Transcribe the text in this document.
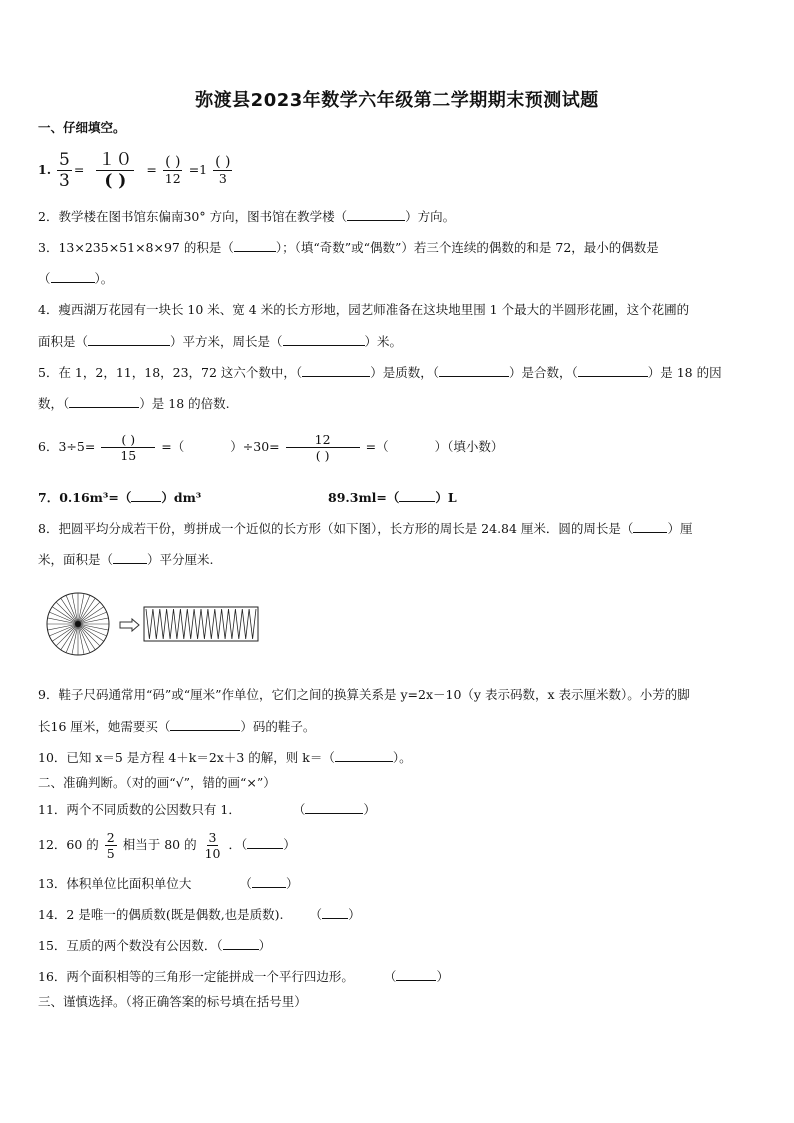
弥渡县2023年数学六年级第二学期期末预测试题
一、仔细填空。
1. $\frac{5}{3} = \frac{10}{( )} = \frac{( )}{12} =1 \frac{( )}{3}$
2．教学楼在图书馆东偏南30° 方向，图书馆在教学楼（	）方向。
3．13×235×51×8×97 的积是（	）；（填“奇数”或“偶数”）若三个连续的偶数的和是 72，最小的偶数是
（	）。
4．瘦西湖万花园有一块长 10 米、宽 4 米的长方形地，园艺师准备在这块地里围 1 个最大的半圆形花圃，这个花圃的
面积是（	）平方米，周长是（	）米。
5．在 1，2，11，18，23，72 这六个数中，（	）是质数，（	）是合数，（	）是 18 的因
数，（	）是 18 的倍数.
6．$3\div 5= \frac{( )}{15}$ =（	）$\div 30= \frac{12}{( )}$ =（	）（填小数）
7．0.16m³=（ ）dm³	89.3ml=（	）L
8．把圆平均分成若干份，剪拼成一个近似的长方形（如下图），长方形的周长是 24.84 厘米．圆的周长是（	）厘
米，面积是（	）平分厘米.
9．鞋子尺码通常用“码”或“厘米”作单位，它们之间的换算关系是 y=2x－10（y 表示码数，x 表示厘米数）。小芳的脚
长16 厘米，她需要买（	）码的鞋子。
10．已知 x＝5 是方程 4＋k＝2x＋3 的解，则 k＝（	）。
二、准确判断。（对的画“√”，错的画“×”）
11．两个不同质数的公因数只有 1．	（	）
12．60 的 $\frac{2}{5}$ 相当于 80 的 $\frac{3}{10}$ ．（	）
13．体积单位比面积单位大	（	）
14．2 是唯一的偶质数(既是偶数,也是质数). （ ）
15．互质的两个数没有公因数．（	）
16．两个面积相等的三角形一定能拼成一个平行四边形。 （	）
三、谨慎选择。（将正确答案的标号填在括号里）
